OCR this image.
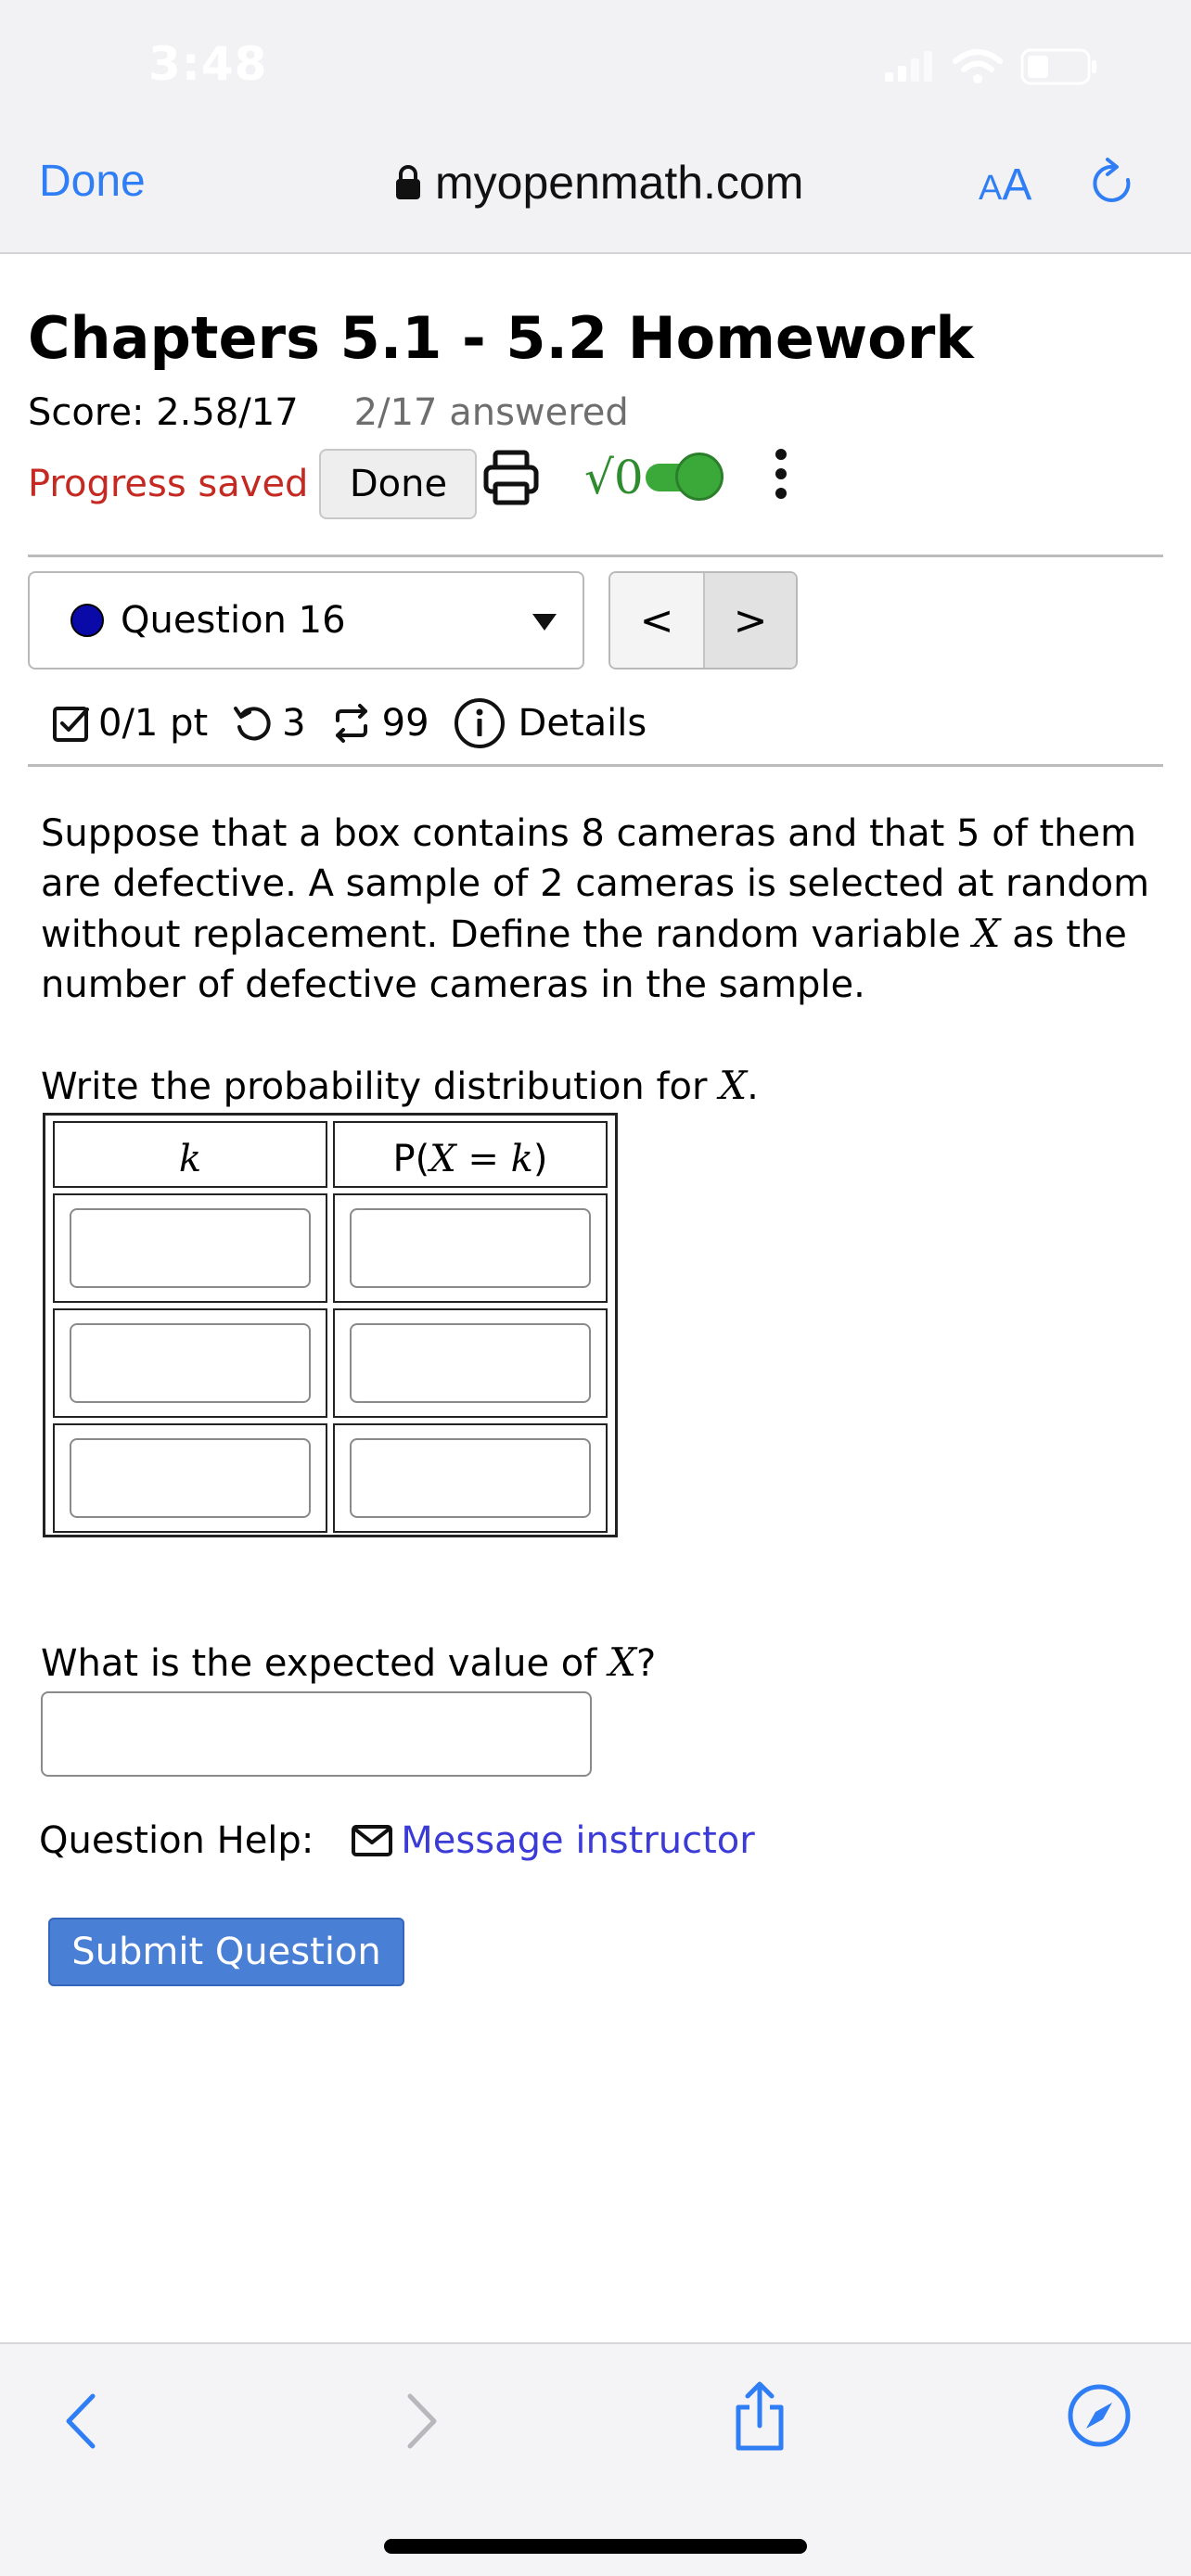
3:48
Done	myopenmath.com	AA
Chapters 5.1 - 5.2 Homework
Score: 2.58/17 2/17 answered
Progress saved	Done	√0
Question 16	<	>
0/1 pt 3 99 Details
Suppose that a box contains 8 cameras and that 5 of them are defective. A sample of 2 cameras is selected at random without replacement. Define the random variable X as the number of defective cameras in the sample.
Write the probability distribution for X.
k	P(X = k)
What is the expected value of X?
Question Help: Message instructor
Submit Question
